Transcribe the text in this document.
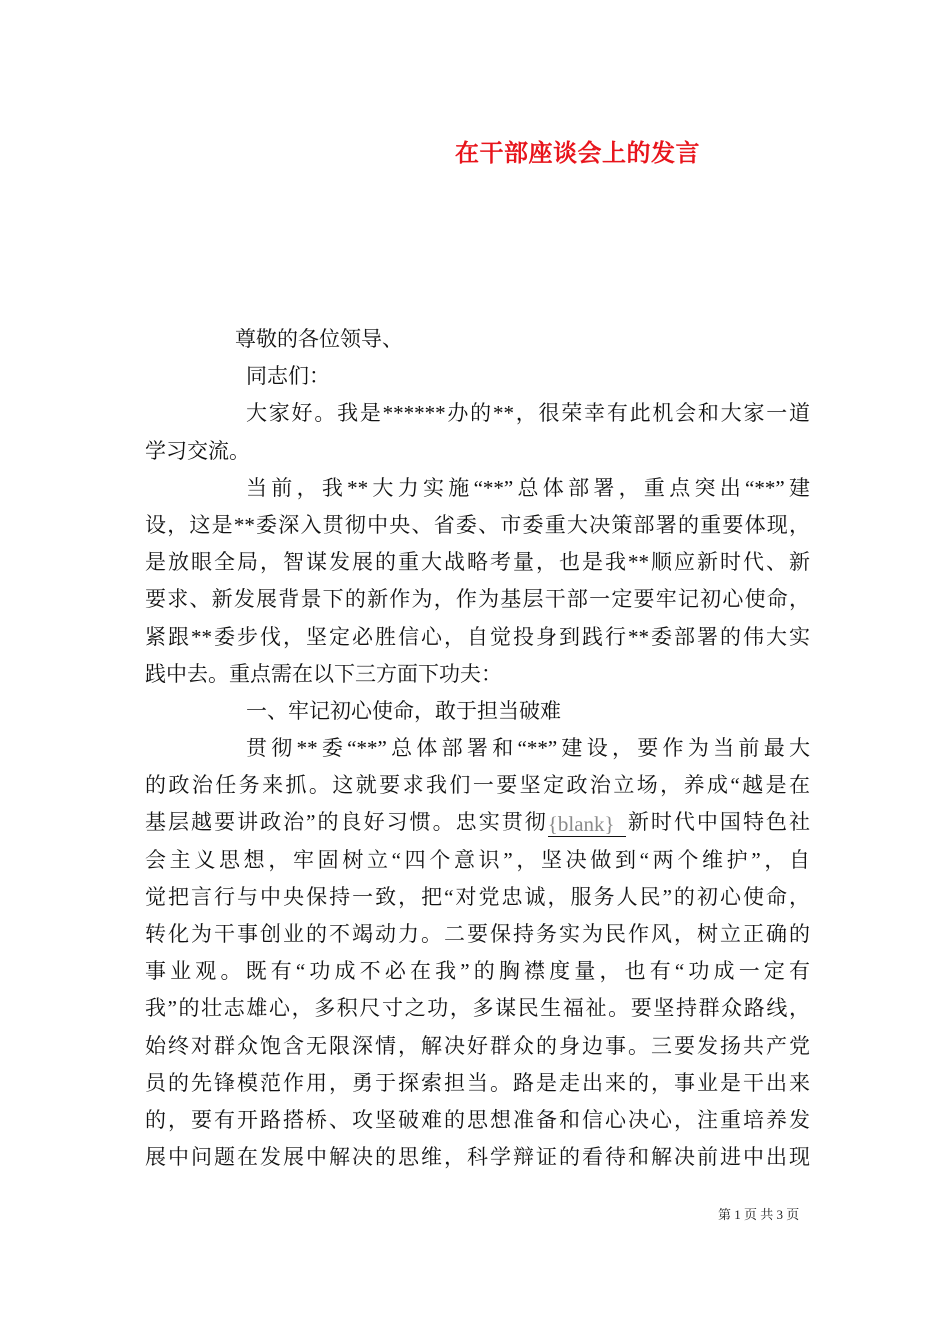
在干部座谈会上的发言
尊敬的各位领导、
同志们：
大家好。我是******办的**，很荣幸有此机会和大家一道
学习交流。
当前，我**大力实施“**”总体部署，重点突出“**”建
设，这是**委深入贯彻中央、省委、市委重大决策部署的重要体现，
是放眼全局，智谋发展的重大战略考量，也是我**顺应新时代、新
要求、新发展背景下的新作为，作为基层干部一定要牢记初心使命，
紧跟**委步伐，坚定必胜信心，自觉投身到践行**委部署的伟大实
践中去。重点需在以下三方面下功夫：
一、牢记初心使命，敢于担当破难
贯彻**委“**”总体部署和“**”建设，要作为当前最大
的政治任务来抓。这就要求我们一要坚定政治立场，养成“越是在
基层越要讲政治”的良好习惯。忠实贯彻{blank} 新时代中国特色社
会主义思想，牢固树立“四个意识”，坚决做到“两个维护”，自
觉把言行与中央保持一致，把“对党忠诚，服务人民”的初心使命，
转化为干事创业的不竭动力。二要保持务实为民作风，树立正确的
事业观。既有“功成不必在我”的胸襟度量，也有“功成一定有
我”的壮志雄心，多积尺寸之功，多谋民生福祉。要坚持群众路线，
始终对群众饱含无限深情，解决好群众的身边事。三要发扬共产党
员的先锋模范作用，勇于探索担当。路是走出来的，事业是干出来
的，要有开路搭桥、攻坚破难的思想准备和信心决心，注重培养发
展中问题在发展中解决的思维，科学辩证的看待和解决前进中出现
第 1 页 共 3 页
